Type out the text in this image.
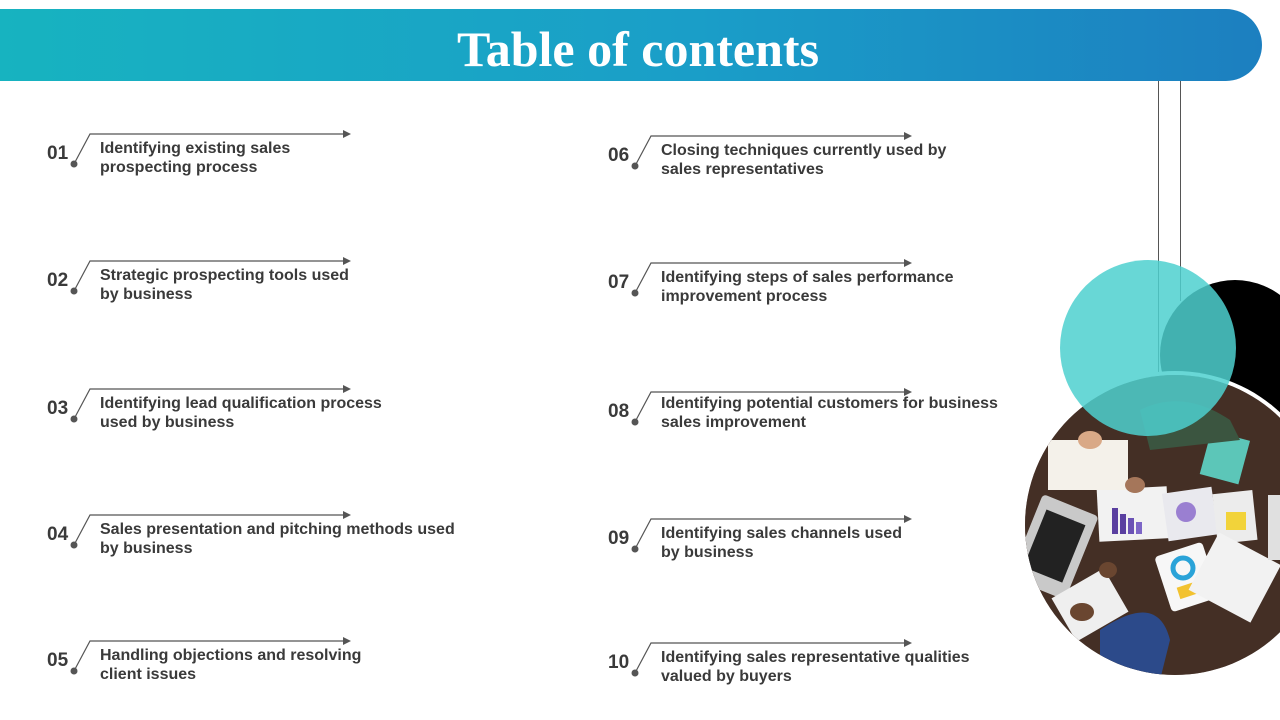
Table of contents
01 Identifying existing sales prospecting process
02 Strategic prospecting tools used by business
03 Identifying lead qualification process used by business
04 Sales presentation and pitching methods used by business
05 Handling objections and resolving client issues
06 Closing techniques currently used by sales representatives
07 Identifying steps of sales performance improvement process
08 Identifying potential customers for business sales improvement
09 Identifying sales channels used by business
10 Identifying sales representative qualities valued by buyers
